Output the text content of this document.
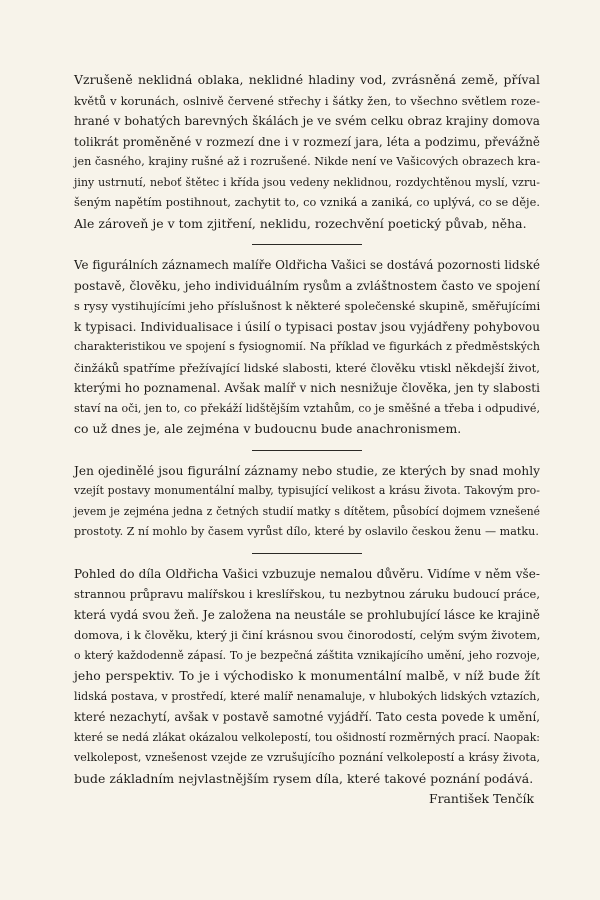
Vzrušeně neklidná oblaka, neklidné hladiny vod, zvrásněná země, příval
květů v korunách, oslnivě červené střechy i šátky žen, to všechno světlem roze-
hrané v bohatých barevných škálách je ve svém celku obraz krajiny domova
tolikrát proměněné v rozmezí dne i v rozmezí jara, léta a podzimu, převážně
jen časného, krajiny rušné až i rozrušené. Nikde není ve Vašicových obrazech kra-
jiny ustrnutí, neboť štětec i křída jsou vedeny neklidnou, rozdychtěnou myslí, vzru-
šeným napětím postihnout, zachytit to, co vzniká a zaniká, co uplývá, co se děje.
Ale zároveň je v tom zjitření, neklidu, rozechvění poetický půvab, něha.
Ve figurálních záznamech malíře Oldřicha Vašici se dostává pozornosti lidské
postavě, člověku, jeho individuálním rysům a zvláštnostem často ve spojení
s rysy vystihujícími jeho příslušnost k některé společenské skupině, směřujícími
k typisaci. Individualisace i úsilí o typisaci postav jsou vyjádřeny pohybovou
charakteristikou ve spojení s fysiognomií. Na příklad ve figurkách z předměstských
činžáků spatříme přežívající lidské slabosti, které člověku vtiskl někdejší život,
kterými ho poznamenal. Avšak malíř v nich nesnižuje člověka, jen ty slabosti
staví na oči, jen to, co překáží lidštějším vztahům, co je směšné a třeba i odpudivé,
co už dnes je, ale zejména v budoucnu bude anachronismem.
Jen ojedinělé jsou figurální záznamy nebo studie, ze kterých by snad mohly
vzejít postavy monumentální malby, typisující velikost a krásu života. Takovým pro-
jevem je zejména jedna z četných studií matky s dítětem, působící dojmem vznešené
prostoty. Z ní mohlo by časem vyrůst dílo, které by oslavilo českou ženu — matku.
Pohled do díla Oldřicha Vašici vzbuzuje nemalou důvěru. Vidíme v něm vše-
strannou průpravu malířskou i kreslířskou, tu nezbytnou záruku budoucí práce,
která vydá svou žeň. Je založena na neustále se prohlubující lásce ke krajině
domova, i k člověku, který ji činí krásnou svou činorodostí, celým svým životem,
o který každodenně zápasí. To je bezpečná záštita vznikajícího umění, jeho rozvoje,
jeho perspektiv. To je i východisko k monumentální malbě, v níž bude žít
lidská postava, v prostředí, které malíř nenamaluje, v hlubokých lidských vztazích,
které nezachytí, avšak v postavě samotné vyjádří. Tato cesta povede k umění,
které se nedá zlákat okázalou velkolepostí, tou ošidností rozměrných prací. Naopak:
velkolepost, vznešenost vzejde ze vzrušujícího poznání velkolepostí a krásy života,
bude základním nejvlastnějším rysem díla, které takové poznání podává.
František Tenčík
